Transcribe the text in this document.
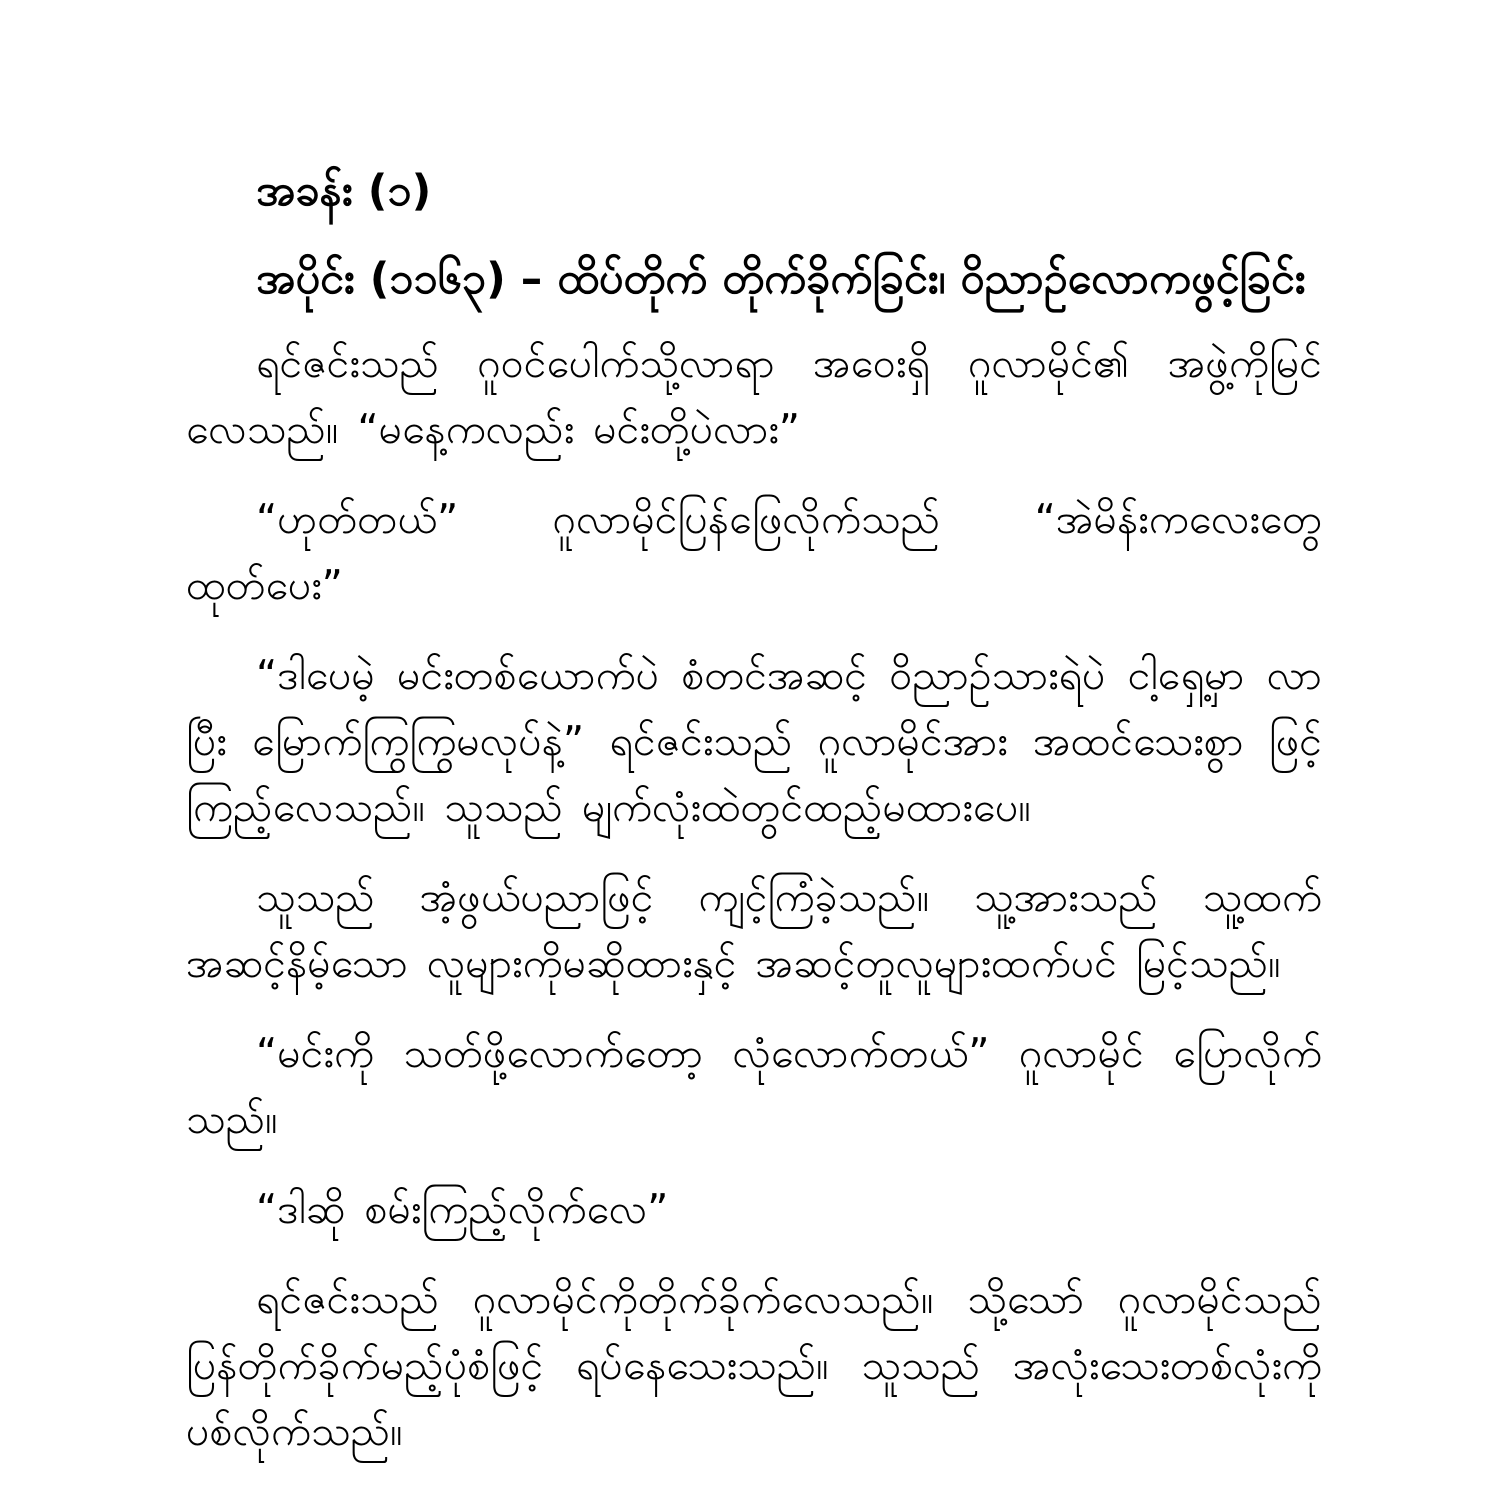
အခန်း (၁)
အပိုင်း (၁၁၆၃) – ထိပ်တိုက် တိုက်ခိုက်ခြင်း၊ ဝိညာဉ်လောကဖွင့်ခြင်း

ရင်ဇင်းသည် ဂူဝင်ပေါက်သို့လာရာ အဝေးရှိ ဂူလာမိုင်၏ အဖွဲ့ကိုမြင် လေသည်။ “မနေ့ကလည်း မင်းတို့ပဲလား”

“ဟုတ်တယ်” ဂူလာမိုင်ပြန်ဖြေလိုက်သည် “အဲမိန်းကလေးတွေ ထုတ်ပေး”

“ဒါပေမဲ့ မင်းတစ်ယောက်ပဲ စံတင်အဆင့် ဝိညာဉ်သားရဲပဲ ငါ့ရှေ့မှာ လာပြီး မြောက်ကြွကြွမလုပ်နဲ့” ရင်ဇင်းသည် ဂူလာမိုင်အား အထင်သေးစွာ ဖြင့်ကြည့်လေသည်။ သူသည် မျက်လုံးထဲတွင်ထည့်မထားပေ။

သူသည် အံ့ဖွယ်ပညာဖြင့် ကျင့်ကြံခဲ့သည်။ သူ့အားသည် သူ့ထက် အဆင့်နိမ့်သော လူများကိုမဆိုထားနှင့် အဆင့်တူလူများထက်ပင် မြင့်သည်။

“မင်းကို သတ်ဖို့လောက်တော့ လုံလောက်တယ်” ဂူလာမိုင် ပြောလိုက် သည်။

“ဒါဆို စမ်းကြည့်လိုက်လေ”

ရင်ဇင်းသည် ဂူလာမိုင်ကိုတိုက်ခိုက်လေသည်။ သို့သော် ဂူလာမိုင်သည် ပြန်တိုက်ခိုက်မည့်ပုံစံဖြင့် ရပ်နေသေးသည်။ သူသည် အလုံးသေးတစ်လုံးကို ပစ်လိုက်သည်။
